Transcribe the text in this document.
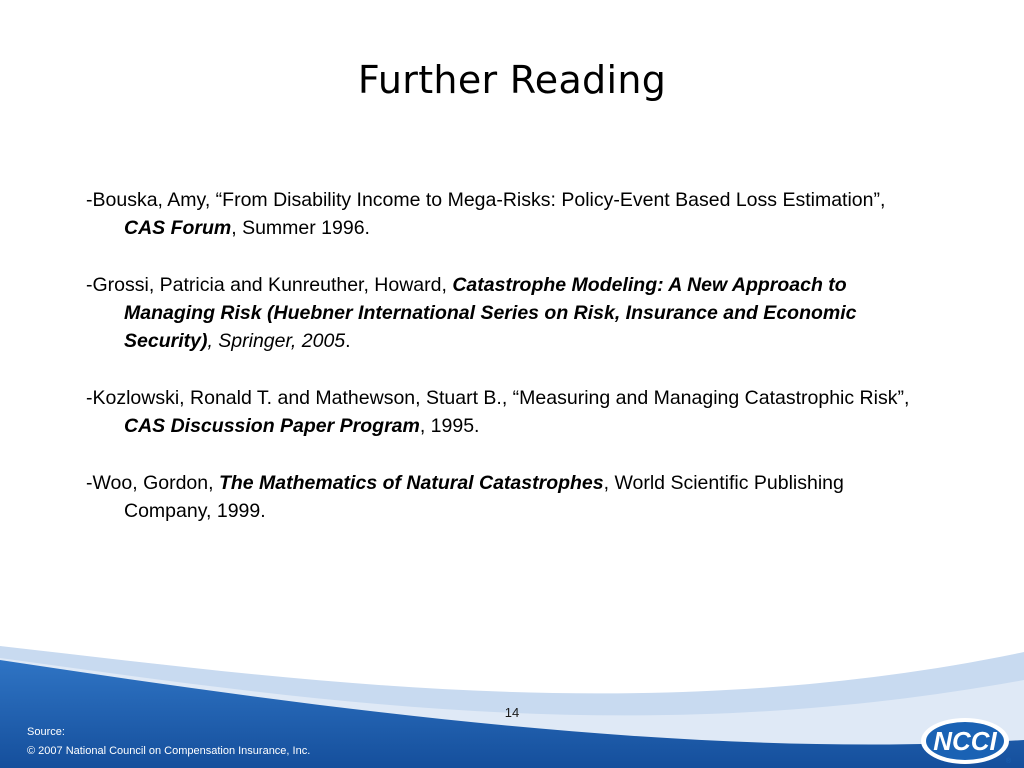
Further Reading

-Bouska, Amy, “From Disability Income to Mega-Risks: Policy-Event Based Loss Estimation”, CAS Forum, Summer 1996.

-Grossi, Patricia and Kunreuther, Howard, Catastrophe Modeling: A New Approach to Managing Risk (Huebner International Series on Risk, Insurance and Economic Security), Springer, 2005.

-Kozlowski, Ronald T. and Mathewson, Stuart B., “Measuring and Managing Catastrophic Risk”, CAS Discussion Paper Program, 1995.

-Woo, Gordon, The Mathematics of Natural Catastrophes, World Scientific Publishing Company, 1999.

14
Source:
© 2007 National Council on Compensation Insurance, Inc.	NCCI
®
